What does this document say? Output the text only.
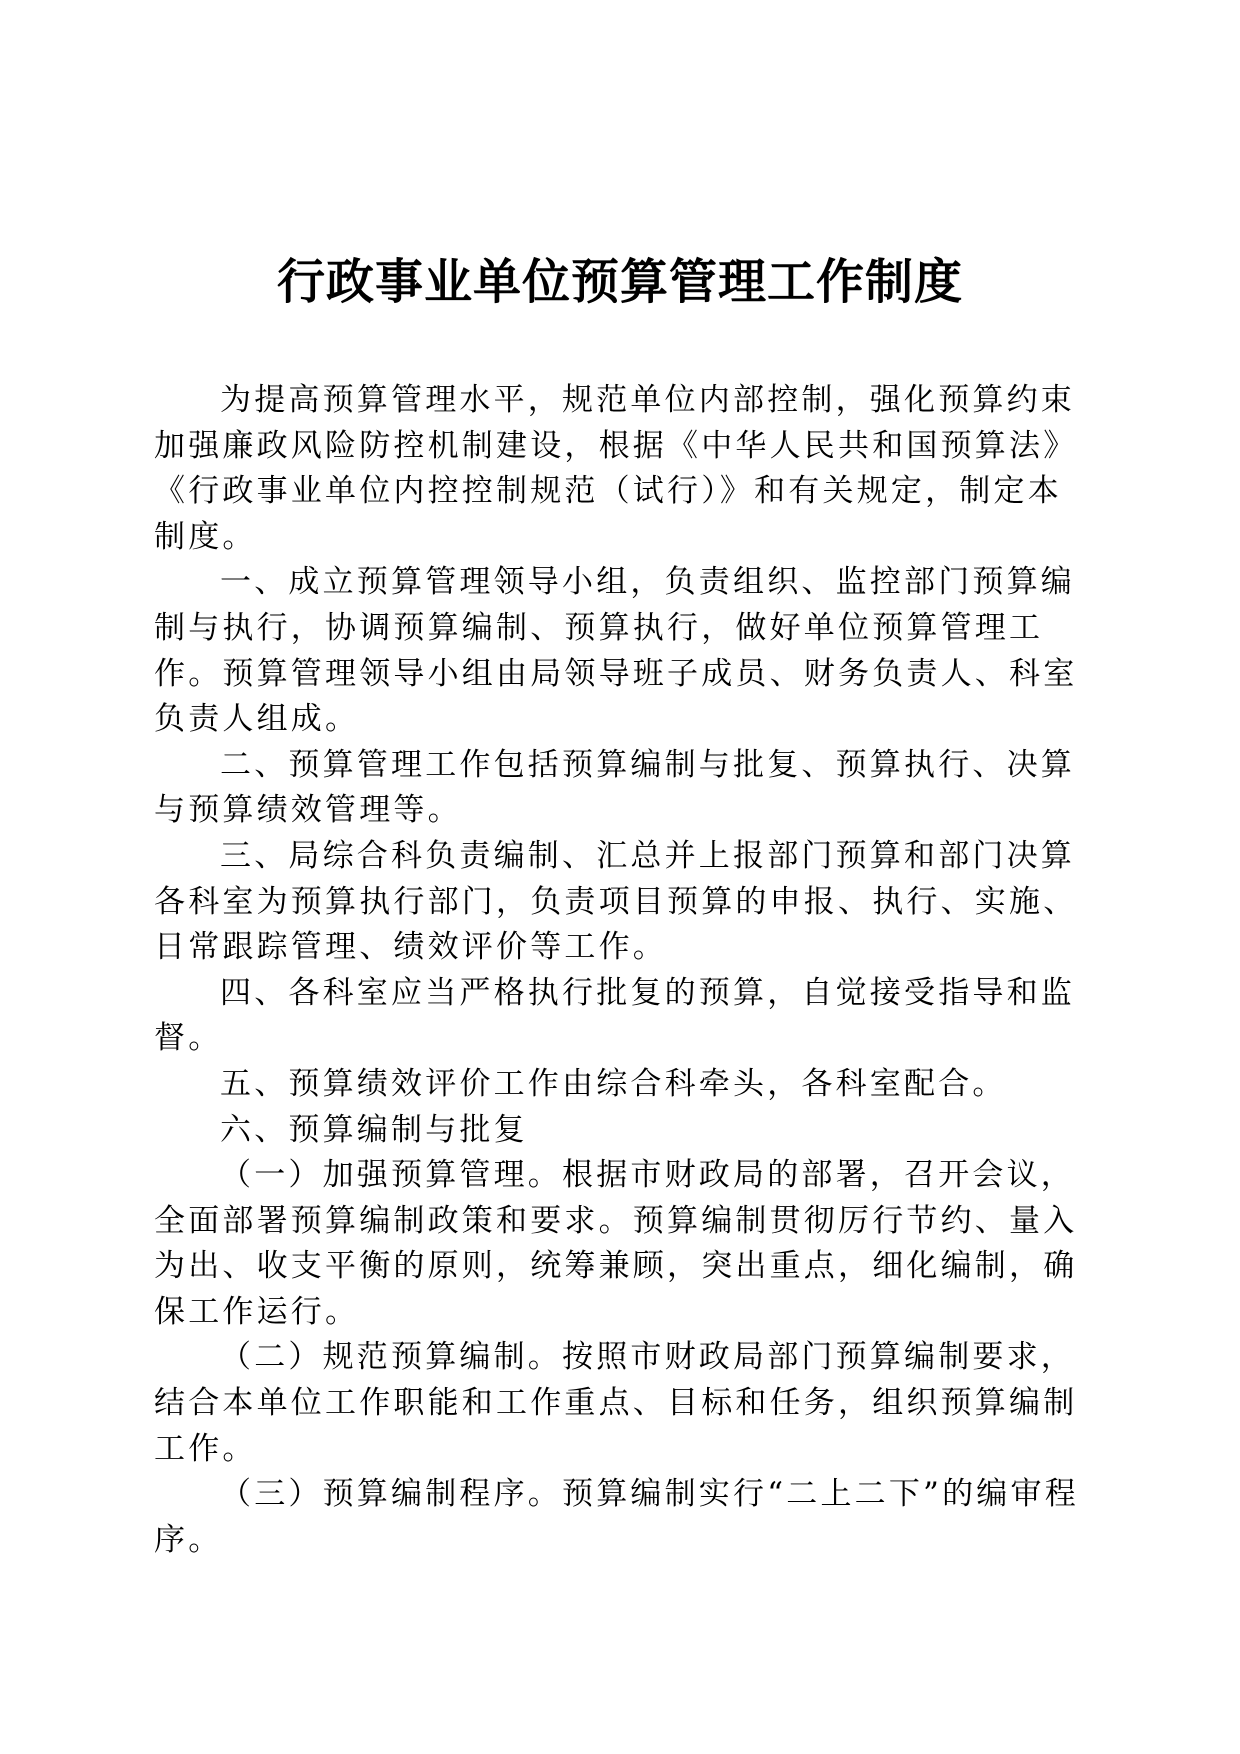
行政事业单位预算管理工作制度

为提高预算管理水平，规范单位内部控制，强化预算约束加强廉政风险防控机制建设，根据《中华人民共和国预算法》《行政事业单位内控控制规范（试行）》和有关规定，制定本制度。

一、成立预算管理领导小组，负责组织、监控部门预算编制与执行，协调预算编制、预算执行，做好单位预算管理工作。预算管理领导小组由局领导班子成员、财务负责人、科室负责人组成。

二、预算管理工作包括预算编制与批复、预算执行、决算与预算绩效管理等。

三、局综合科负责编制、汇总并上报部门预算和部门决算各科室为预算执行部门，负责项目预算的申报、执行、实施、日常跟踪管理、绩效评价等工作。

四、各科室应当严格执行批复的预算，自觉接受指导和监督。

五、预算绩效评价工作由综合科牵头，各科室配合。

六、预算编制与批复

（一）加强预算管理。根据市财政局的部署，召开会议，全面部署预算编制政策和要求。预算编制贯彻厉行节约、量入为出、收支平衡的原则，统筹兼顾，突出重点，细化编制，确保工作运行。

（二）规范预算编制。按照市财政局部门预算编制要求，结合本单位工作职能和工作重点、目标和任务，组织预算编制工作。

（三）预算编制程序。预算编制实行“二上二下”的编审程序。
